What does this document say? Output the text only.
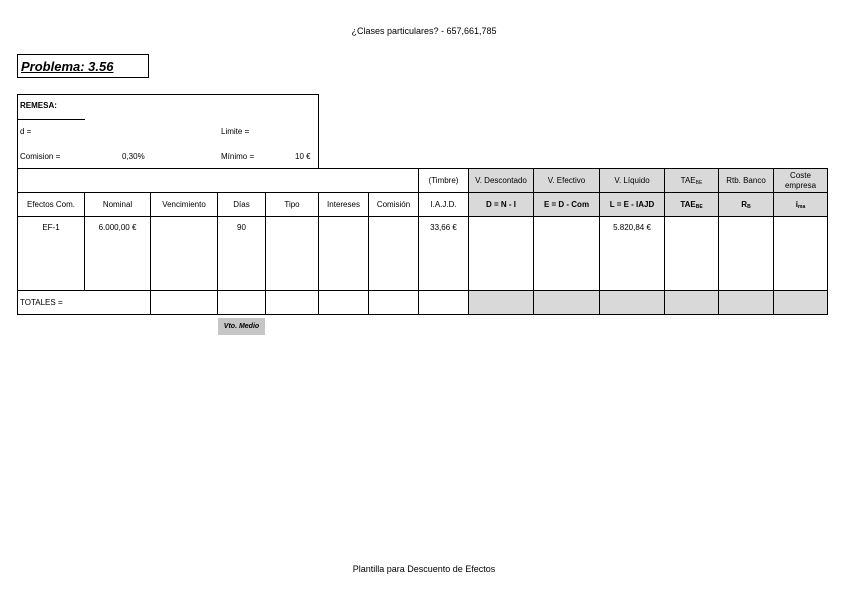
¿Clases particulares? - 657,661,785
Problema: 3.56
REMESA:
d =	Limite =
Comision =	0,30%	Mínimo =	10 €
							(Timbre)	V. Descontado	V. Efectivo	V. Líquido	$TAE_{BE}$	Rtb. Banco	Coste empresa
Efectos Com.	Nominal	Vencimiento	Días	Tipo	Intereses	Comisión	I.A.J.D.	D = N - I	E = D - Com	L = E - IAJD	$TAE_{BE}$	$R_B$	$i_{ma}$
EF-1	6.000,00 €		90				33,66 €			5.820,84 €			
TOTALES =													
Vto. Medio
Plantilla para Descuento de Efectos
